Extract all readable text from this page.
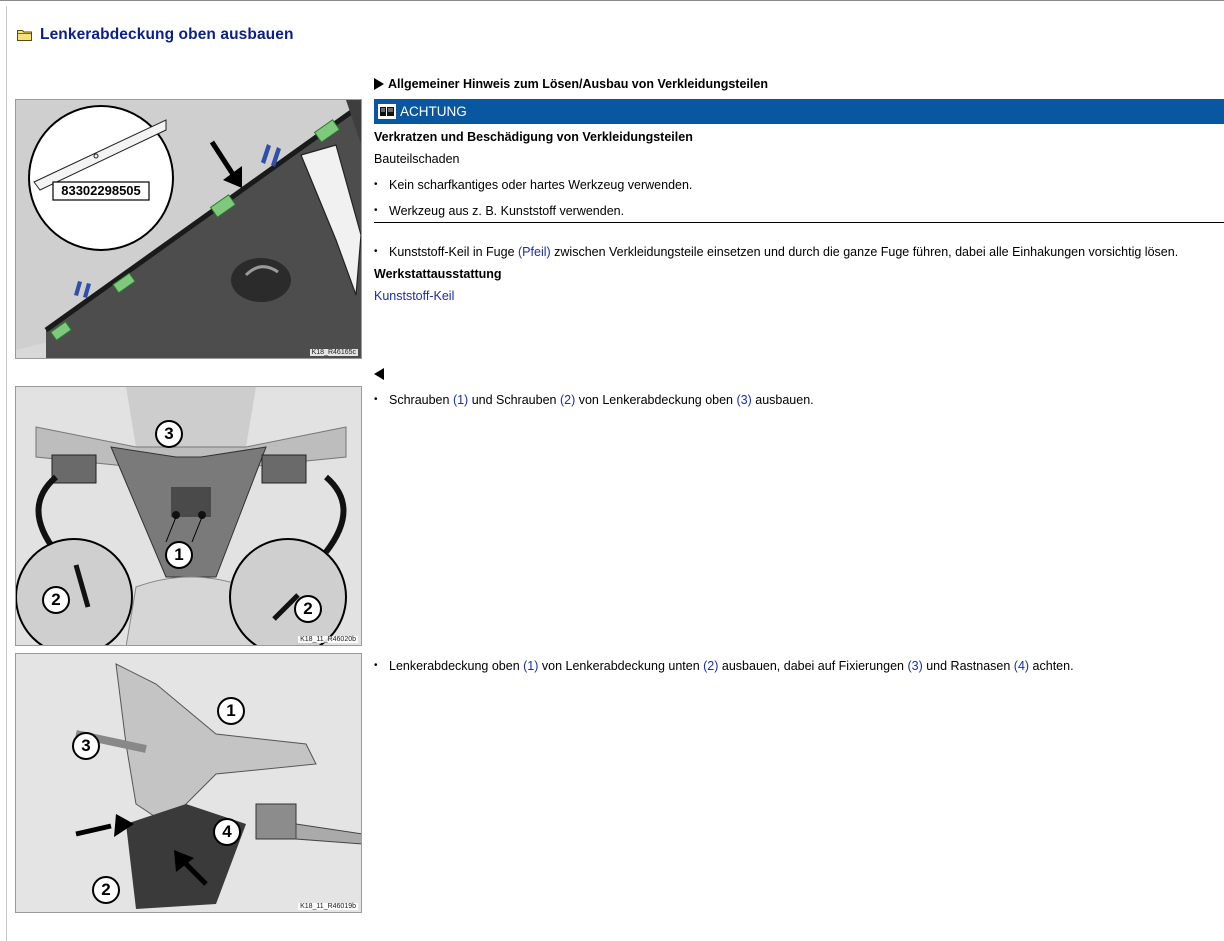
Lenkerabdeckung oben ausbauen
83302298505
K18_R46165c
3
1
2	2
K18_11_R46020b
1
3
4
2
K18_11_R46019b
Allgemeiner Hinweis zum Lösen/Ausbau von Verkleidungsteilen
ACHTUNG
Verkratzen und Beschädigung von Verkleidungsteilen
Bauteilschaden
• Kein scharfkantiges oder hartes Werkzeug verwenden.
• Werkzeug aus z. B. Kunststoff verwenden.
• Kunststoff-Keil in Fuge (Pfeil) zwischen Verkleidungsteile einsetzen und durch die ganze Fuge führen, dabei alle Einhakungen vorsichtig lösen.
Werkstattausstattung
Kunststoff-Keil
• Schrauben (1) und Schrauben (2) von Lenkerabdeckung oben (3) ausbauen.
• Lenkerabdeckung oben (1) von Lenkerabdeckung unten (2) ausbauen, dabei auf Fixierungen (3) und Rastnasen (4) achten.
